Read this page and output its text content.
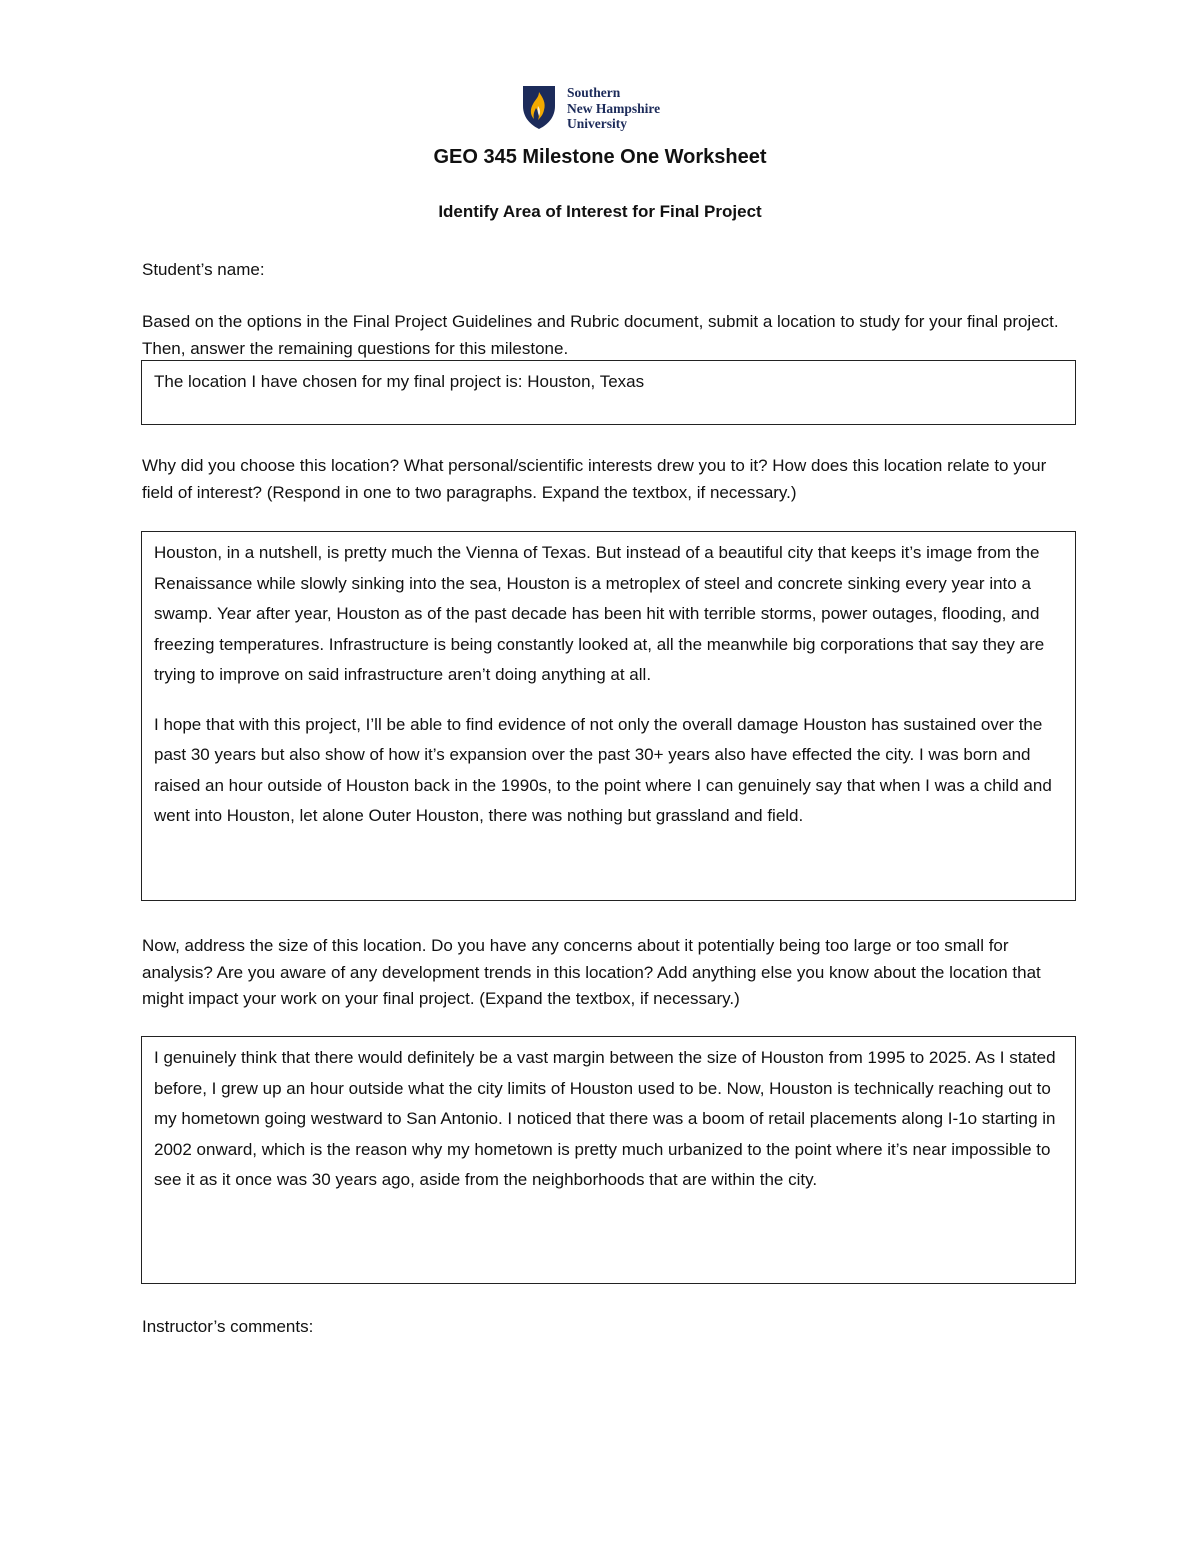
Southern
New Hampshire
University
GEO 345 Milestone One Worksheet
Identify Area of Interest for Final Project
Student’s name:
Based on the options in the Final Project Guidelines and Rubric document, submit a location to study for your final project. Then, answer the remaining questions for this milestone.

The location I have chosen for my final project is: Houston, Texas

Why did you choose this location? What personal/scientific interests drew you to it? How does this location relate to your field of interest? (Respond in one to two paragraphs. Expand the textbox, if necessary.)

Houston, in a nutshell, is pretty much the Vienna of Texas. But instead of a beautiful city that keeps it’s image from the Renaissance while slowly sinking into the sea, Houston is a metroplex of steel and concrete sinking every year into a swamp. Year after year, Houston as of the past decade has been hit with terrible storms, power outages, flooding, and freezing temperatures. Infrastructure is being constantly looked at, all the meanwhile big corporations that say they are trying to improve on said infrastructure aren’t doing anything at all.

I hope that with this project, I’ll be able to find evidence of not only the overall damage Houston has sustained over the past 30 years but also show of how it’s expansion over the past 30+ years also have effected the city. I was born and raised an hour outside of Houston back in the 1990s, to the point where I can genuinely say that when I was a child and went into Houston, let alone Outer Houston, there was nothing but grassland and field.

Now, address the size of this location. Do you have any concerns about it potentially being too large or too small for analysis? Are you aware of any development trends in this location? Add anything else you know about the location that might impact your work on your final project. (Expand the textbox, if necessary.)

I genuinely think that there would definitely be a vast margin between the size of Houston from 1995 to 2025. As I stated before, I grew up an hour outside what the city limits of Houston used to be. Now, Houston is technically reaching out to my hometown going westward to San Antonio. I noticed that there was a boom of retail placements along I-1o starting in 2002 onward, which is the reason why my hometown is pretty much urbanized to the point where it’s near impossible to see it as it once was 30 years ago, aside from the neighborhoods that are within the city.

Instructor’s comments:
